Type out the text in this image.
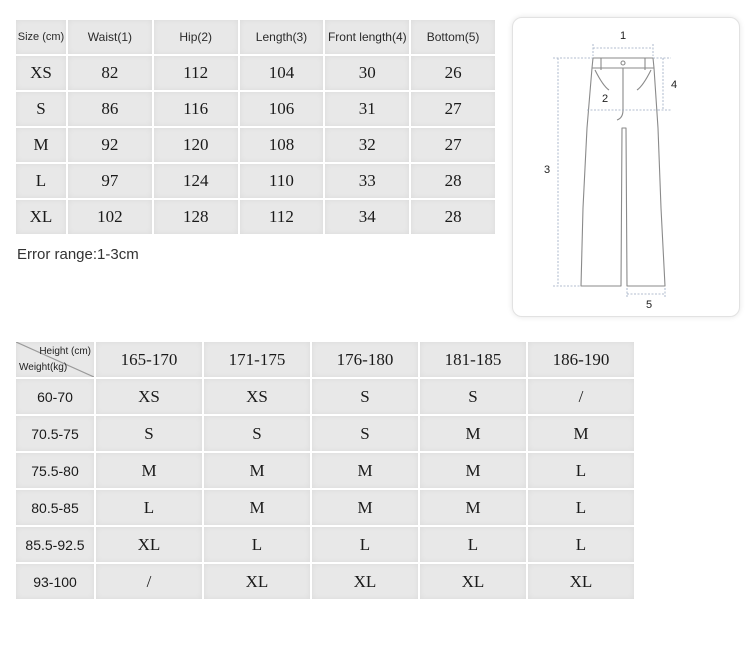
Size (cm)	Waist(1)	Hip(2)	Length(3)	Front length(4)	Bottom(5)
XS	82	112	104	30	26
S	86	116	106	31	27
M	92	120	108	32	27
L	97	124	110	33	28
XL	102	128	112	34	28
Error range:1-3cm
1
2
3
4
5
Height (cm)
Weight(kg)	165-170	171-175	176-180	181-185	186-190
60-70	XS	XS	S	S	/
70.5-75	S	S	S	M	M
75.5-80	M	M	M	M	L
80.5-85	L	M	M	M	L
85.5-92.5	XL	L	L	L	L
93-100	/	XL	XL	XL	XL
